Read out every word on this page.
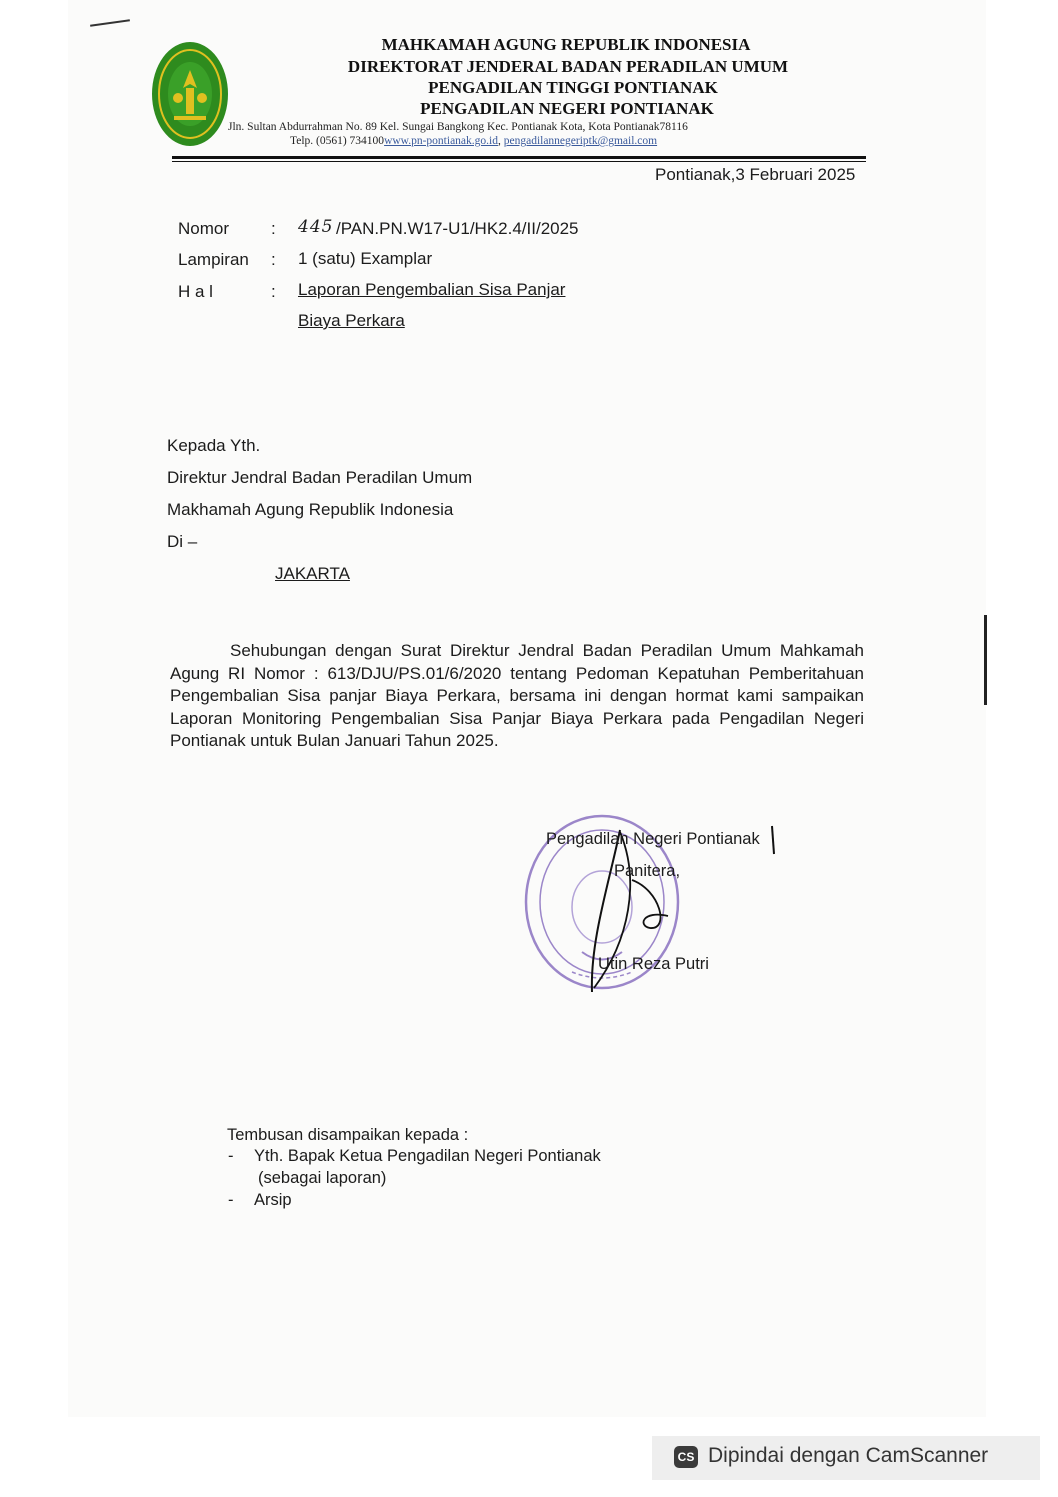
MAHKAMAH AGUNG REPUBLIK INDONESIA
DIREKTORAT JENDERAL BADAN PERADILAN UMUM
PENGADILAN TINGGI PONTIANAK
PENGADILAN NEGERI PONTIANAK
Jln. Sultan Abdurrahman No. 89 Kel. Sungai Bangkong Kec. Pontianak Kota, Kota Pontianak78116
Telp. (0561) 734100www.pn-pontianak.go.id, pengadilannegeriptk@gmail.com
Pontianak,3 Februari 2025
Nomor : 445 /PAN.PN.W17-U1/HK2.4/II/2025
Lampiran : 1 (satu) Examplar
H a l	: Laporan Pengembalian Sisa Panjar
Biaya Perkara
Kepada Yth.
Direktur Jendral Badan Peradilan Umum
Makhamah Agung Republik Indonesia
Di –
JAKARTA
Sehubungan dengan Surat Direktur Jendral Badan Peradilan Umum Mahkamah
Agung RI Nomor : 613/DJU/PS.01/6/2020 tentang Pedoman Kepatuhan Pemberitahuan
Pengembalian Sisa panjar Biaya Perkara, bersama ini dengan hormat kami sampaikan
Laporan Monitoring Pengembalian Sisa Panjar Biaya Perkara pada Pengadilan Negeri
Pontianak untuk Bulan Januari Tahun 2025.
Pengadilan Negeri Pontianak
Panitera,
Utin Reza Putri
Tembusan disampaikan kepada :
- Yth. Bapak Ketua Pengadilan Negeri Pontianak
(sebagai laporan)
- Arsip
CS Dipindai dengan CamScanner
